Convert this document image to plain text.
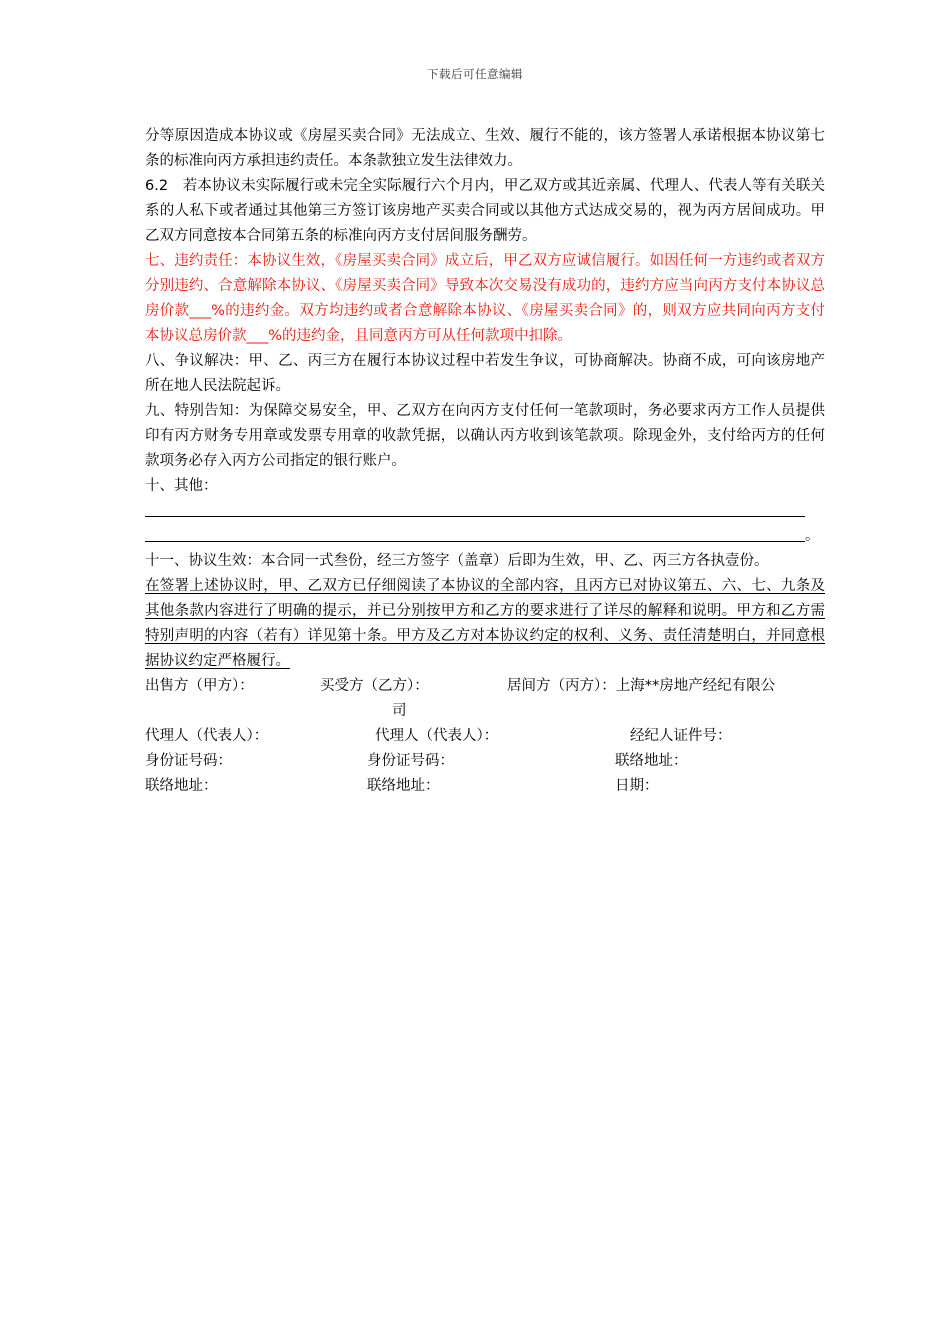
下载后可任意编辑

分等原因造成本协议或《房屋买卖合同》无法成立、生效、履行不能的，该方签署人承诺根据本协议第七条的标准向丙方承担违约责任。本条款独立发生法律效力。

6.2　若本协议未实际履行或未完全实际履行六个月内，甲乙双方或其近亲属、代理人、代表人等有关联关系的人私下或者通过其他第三方签订该房地产买卖合同或以其他方式达成交易的，视为丙方居间成功。甲乙双方同意按本合同第五条的标准向丙方支付居间服务酬劳。

七、违约责任：本协议生效，《房屋买卖合同》成立后，甲乙双方应诚信履行。如因任何一方违约或者双方分别违约、合意解除本协议、《房屋买卖合同》导致本次交易没有成功的，违约方应当向丙方支付本协议总房价款___%的违约金。双方均违约或者合意解除本协议、《房屋买卖合同》的，则双方应共同向丙方支付本协议总房价款___%的违约金，且同意丙方可从任何款项中扣除。

八、争议解决：甲、乙、丙三方在履行本协议过程中若发生争议，可协商解决。协商不成，可向该房地产所在地人民法院起诉。

九、特别告知：为保障交易安全，甲、乙双方在向丙方支付任何一笔款项时，务必要求丙方工作人员提供印有丙方财务专用章或发票专用章的收款凭据，以确认丙方收到该笔款项。除现金外，支付给丙方的任何款项务必存入丙方公司指定的银行账户。

十、其他：

。

十一、协议生效：本合同一式叁份，经三方签字（盖章）后即为生效，甲、乙、丙三方各执壹份。

在签署上述协议时，甲、乙双方已仔细阅读了本协议的全部内容，且丙方已对协议第五、六、七、九条及其他条款内容进行了明确的提示，并已分别按甲方和乙方的要求进行了详尽的解释和说明。甲方和乙方需特别声明的内容（若有）详见第十条。甲方及乙方对本协议约定的权利、义务、责任清楚明白，并同意根据协议约定严格履行。

出售方（甲方）：	买受方（乙方）：	居间方（丙方）：上海**房地产经纪有限公
司
代理人（代表人）：	代理人（代表人）：	经纪人证件号：
身份证号码：	身份证号码：	联络地址：
联络地址：	联络地址：	日期：
